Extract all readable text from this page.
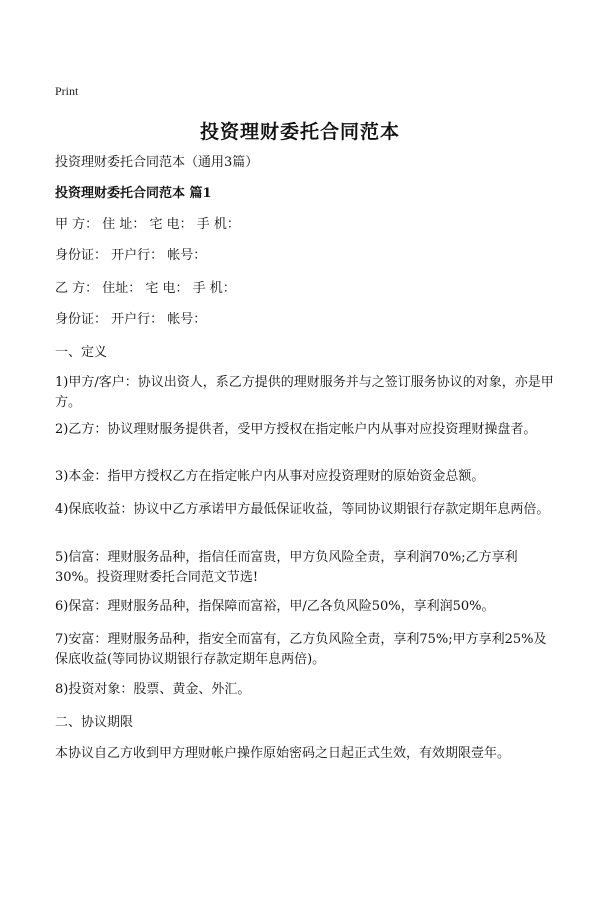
Print
投资理财委托合同范本
投资理财委托合同范本（通用3篇）
投资理财委托合同范本 篇1
甲 方： 住 址： 宅 电： 手 机：
身份证： 开户行： 帐号：
乙 方： 住址： 宅 电： 手 机：
身份证： 开户行： 帐号：
一、定义
1)甲方/客户：协议出资人，系乙方提供的理财服务并与之签订服务协议的对象，亦是甲方。
2)乙方：协议理财服务提供者，受甲方授权在指定帐户内从事对应投资理财操盘者。
3)本金：指甲方授权乙方在指定帐户内从事对应投资理财的原始资金总额。
4)保底收益：协议中乙方承诺甲方最低保证收益，等同协议期银行存款定期年息两倍。
5)信富：理财服务品种，指信任而富贵，甲方负风险全责，享利润70%;乙方享利30%。投资理财委托合同范文节选!
6)保富：理财服务品种，指保障而富裕，甲/乙各负风险50%，享利润50%。
7)安富：理财服务品种，指安全而富有，乙方负风险全责，享利75%;甲方享利25%及保底收益(等同协议期银行存款定期年息两倍)。
8)投资对象：股票、黄金、外汇。
二、协议期限
本协议自乙方收到甲方理财帐户操作原始密码之日起正式生效，有效期限壹年。
